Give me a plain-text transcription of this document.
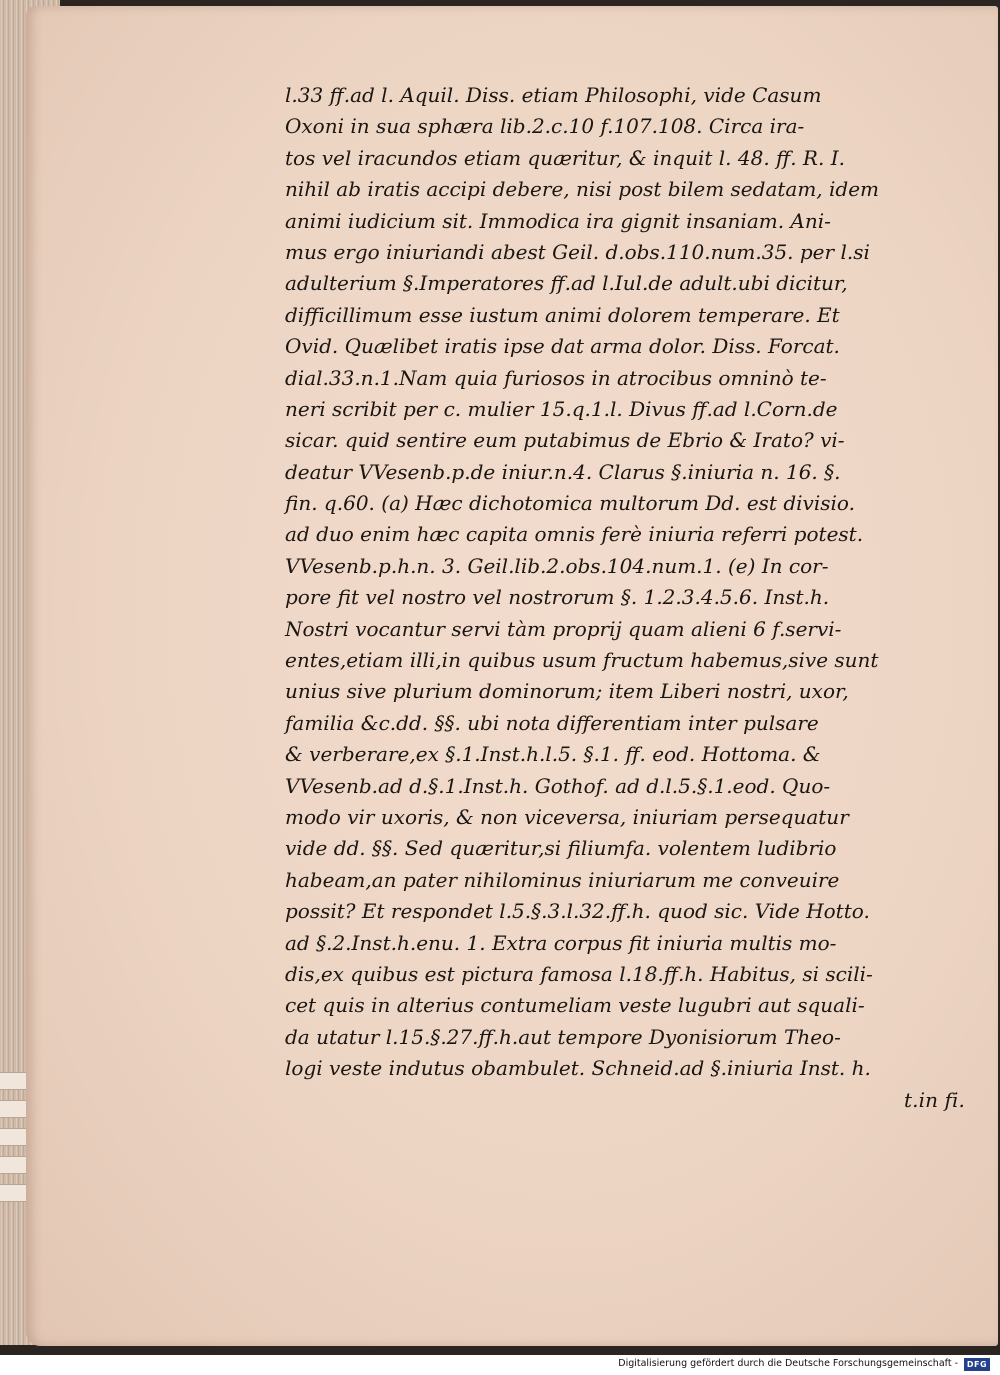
l.33 ff.ad l. Aquil. Diss. etiam Philosophi, vide Casum
Oxoni in sua sphæra lib.2.c.10 f.107.108. Circa ira-
tos vel iracundos etiam quæritur, & inquit l. 48. ff. R. I.
nihil ab iratis accipi debere, nisi post bilem sedatam, idem
animi iudicium sit. Immodica ira gignit insaniam. Ani-
mus ergo iniuriandi abest Geil. d.obs.110.num.35. per l.si
adulterium §.Imperatores ff.ad l.Iul.de adult.ubi dicitur,
difficillimum esse iustum animi dolorem temperare. Et
Ovid. Quælibet iratis ipse dat arma dolor. Diss. Forcat.
dial.33.n.1.Nam quia furiosos in atrocibus omninò te-
neri scribit per c. mulier 15.q.1.l. Divus ff.ad l.Corn.de
sicar. quid sentire eum putabimus de Ebrio & Irato? vi-
deatur VVesenb.p.de iniur.n.4. Clarus §.iniuria n. 16. §.
fin. q.60. (a) Hæc dichotomica multorum Dd. est divisio.
ad duo enim hæc capita omnis ferè iniuria referri potest.
VVesenb.p.h.n. 3. Geil.lib.2.obs.104.num.1. (e) In cor-
pore fit vel nostro vel nostrorum §. 1.2.3.4.5.6. Inst.h.
Nostri vocantur servi tàm proprij quam alieni 6 f.servi-
entes,etiam illi,in quibus usum fructum habemus,sive sunt
unius sive plurium dominorum; item Liberi nostri, uxor,
familia &c.dd. §§. ubi nota differentiam inter pulsare
& verberare,ex §.1.Inst.h.l.5. §.1. ff. eod. Hottoma. &
VVesenb.ad d.§.1.Inst.h. Gothof. ad d.l.5.§.1.eod. Quo-
modo vir uxoris, & non viceversa, iniuriam persequatur
vide dd. §§. Sed quæritur,si filiumfa. volentem ludibrio
habeam,an pater nihilominus iniuriarum me conveuire
possit? Et respondet l.5.§.3.l.32.ff.h. quod sic. Vide Hotto.
ad §.2.Inst.h.enu. 1. Extra corpus fit iniuria multis mo-
dis,ex quibus est pictura famosa l.18.ff.h. Habitus, si scili-
cet quis in alterius contumeliam veste lugubri aut squali-
da utatur l.15.§.27.ff.h.aut tempore Dyonisiorum Theo-
logi veste indutus obambulet. Schneid.ad §.iniuria Inst. h.
t.in fi.
Digitalisierung gefördert durch die Deutsche Forschungsgemeinschaft -	DFG
